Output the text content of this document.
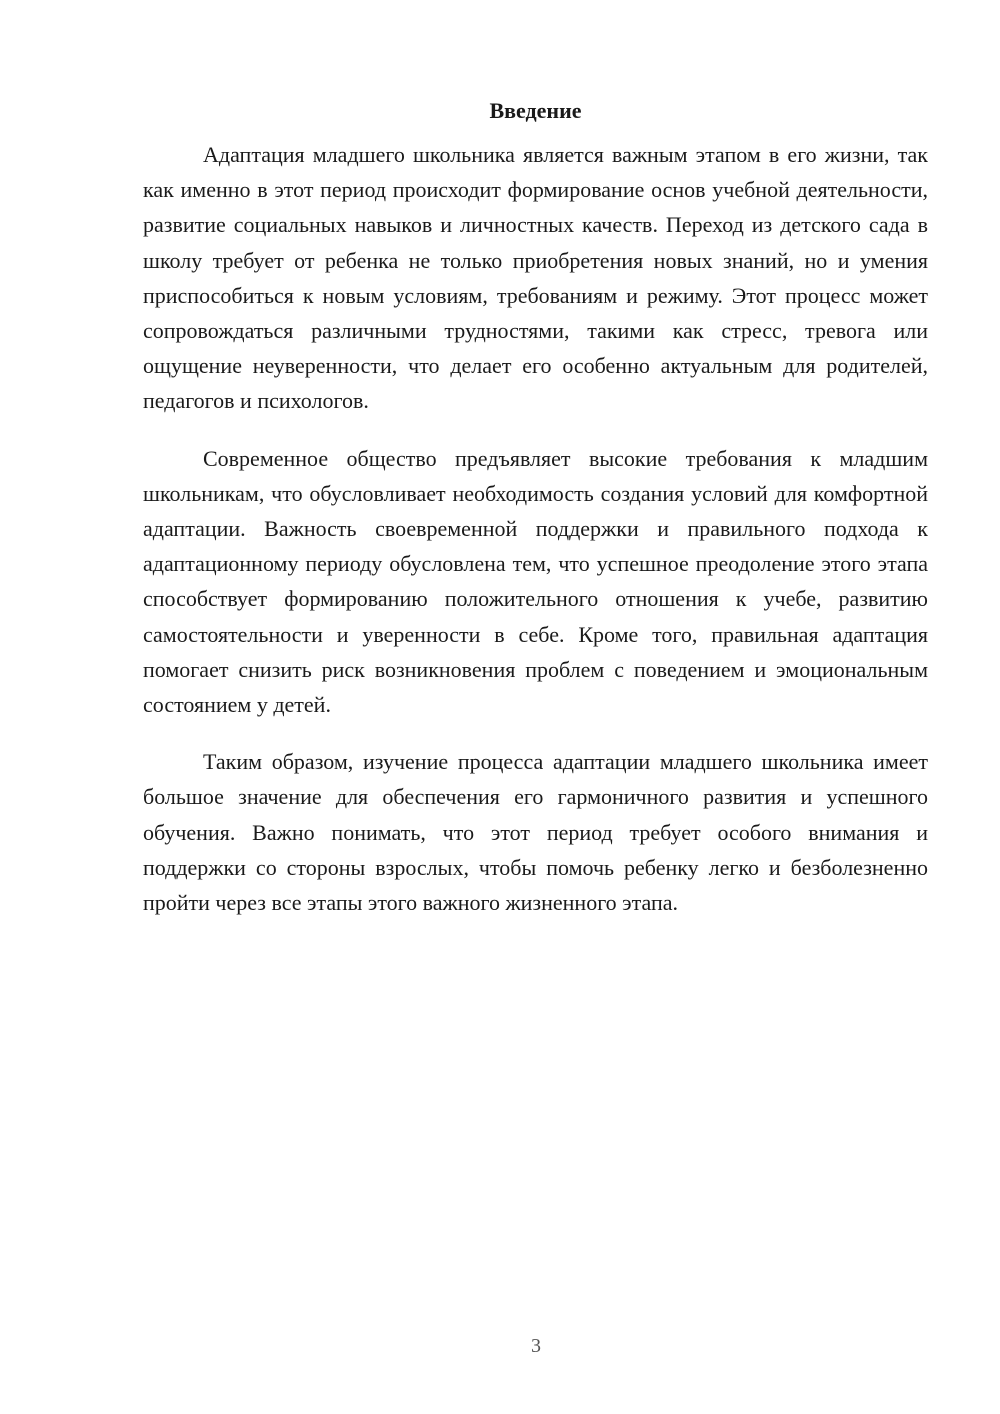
Введение

Адаптация младшего школьника является важным этапом в его жизни, так как именно в этот период происходит формирование основ учебной деятельности, развитие социальных навыков и личностных качеств. Переход из детского сада в школу требует от ребенка не только приобретения новых знаний, но и умения приспособиться к новым условиям, требованиям и режиму. Этот процесс может сопровождаться различными трудностями, такими как стресс, тревога или ощущение неуверенности, что делает его особенно актуальным для родителей, педагогов и психологов.

Современное общество предъявляет высокие требования к младшим школьникам, что обусловливает необходимость создания условий для комфортной адаптации. Важность своевременной поддержки и правильного подхода к адаптационному периоду обусловлена тем, что успешное преодоление этого этапа способствует формированию положительного отношения к учебе, развитию самостоятельности и уверенности в себе. Кроме того, правильная адаптация помогает снизить риск возникновения проблем с поведением и эмоциональным состоянием у детей.

Таким образом, изучение процесса адаптации младшего школьника имеет большое значение для обеспечения его гармоничного развития и успешного обучения. Важно понимать, что этот период требует особого внимания и поддержки со стороны взрослых, чтобы помочь ребенку легко и безболезненно пройти через все этапы этого важного жизненного этапа.

3
